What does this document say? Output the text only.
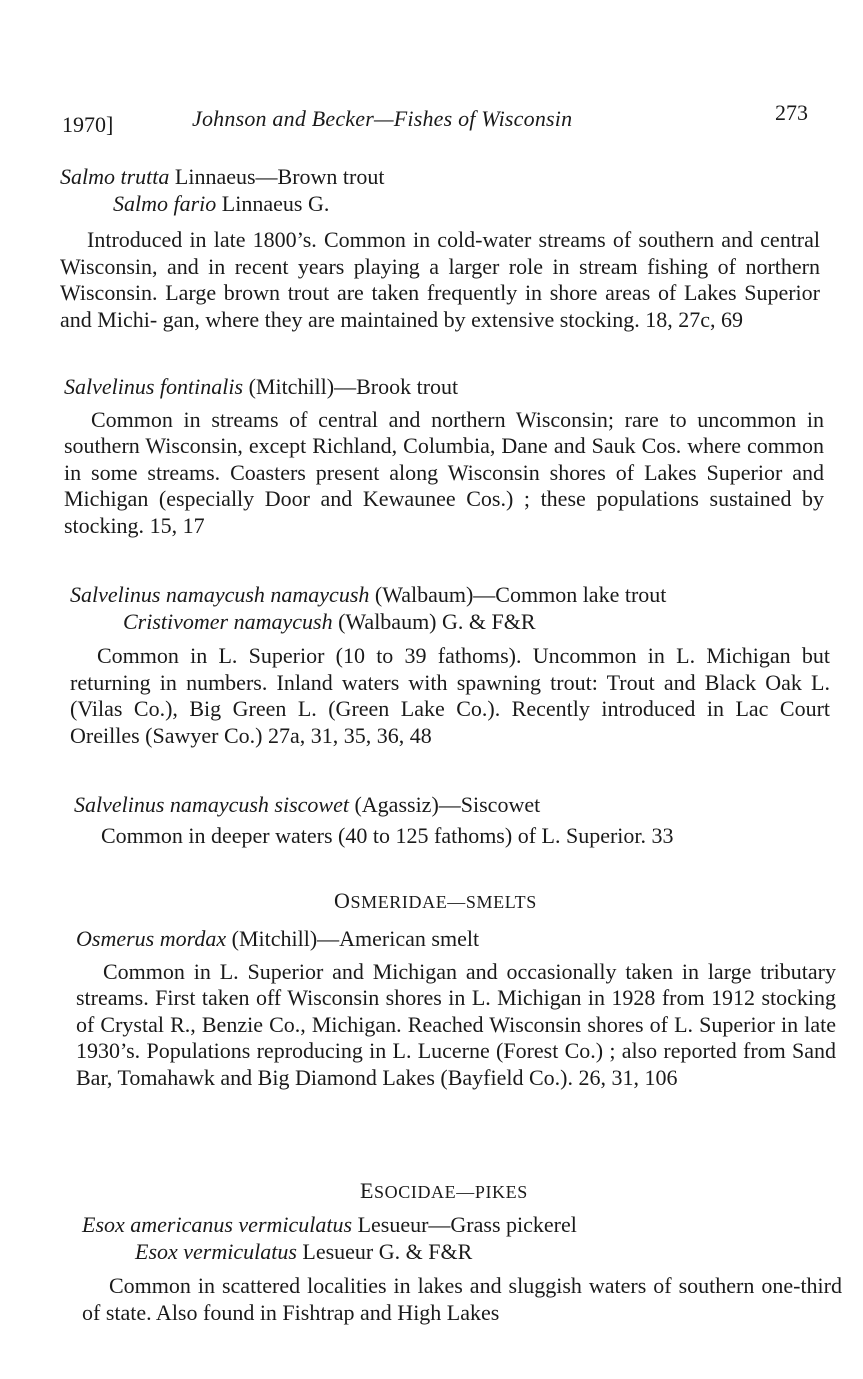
1970]	Johnson and Becker—Fishes of Wisconsin	273
Salmo trutta Linnaeus—Brown trout
Salmo fario Linnaeus G.

Introduced in late 1800’s. Common in cold-water streams of southern and central Wisconsin, and in recent years playing a larger role in stream fishing of northern Wisconsin. Large brown trout are taken frequently in shore areas of Lakes Superior and Michi- gan, where they are maintained by extensive stocking. 18, 27c, 69

Salvelinus fontinalis (Mitchill)—Brook trout

Common in streams of central and northern Wisconsin; rare to uncommon in southern Wisconsin, except Richland, Columbia, Dane and Sauk Cos. where common in some streams. Coasters present along Wisconsin shores of Lakes Superior and Michigan (especially Door and Kewaunee Cos.) ; these populations sustained by stocking. 15, 17

Salvelinus namaycush namaycush (Walbaum)—Common lake trout
Cristivomer namaycush (Walbaum) G. & F&R

Common in L. Superior (10 to 39 fathoms). Uncommon in L. Michigan but returning in numbers. Inland waters with spawning trout: Trout and Black Oak L. (Vilas Co.), Big Green L. (Green Lake Co.). Recently introduced in Lac Court Oreilles (Sawyer Co.) 27a, 31, 35, 36, 48

Salvelinus namaycush siscowet (Agassiz)—Siscowet

Common in deeper waters (40 to 125 fathoms) of L. Superior. 33

OSMERIDAE—SMELTS
Osmerus mordax (Mitchill)—American smelt

Common in L. Superior and Michigan and occasionally taken in large tributary streams. First taken off Wisconsin shores in L. Michigan in 1928 from 1912 stocking of Crystal R., Benzie Co., Michigan. Reached Wisconsin shores of L. Superior in late 1930’s. Populations reproducing in L. Lucerne (Forest Co.) ; also reported from Sand Bar, Tomahawk and Big Diamond Lakes (Bayfield Co.). 26, 31, 106

ESOCIDAE—PIKES
Esox americanus vermiculatus Lesueur—Grass pickerel
Esox vermiculatus Lesueur G. & F&R

Common in scattered localities in lakes and sluggish waters of southern one-third of state. Also found in Fishtrap and High Lakes
